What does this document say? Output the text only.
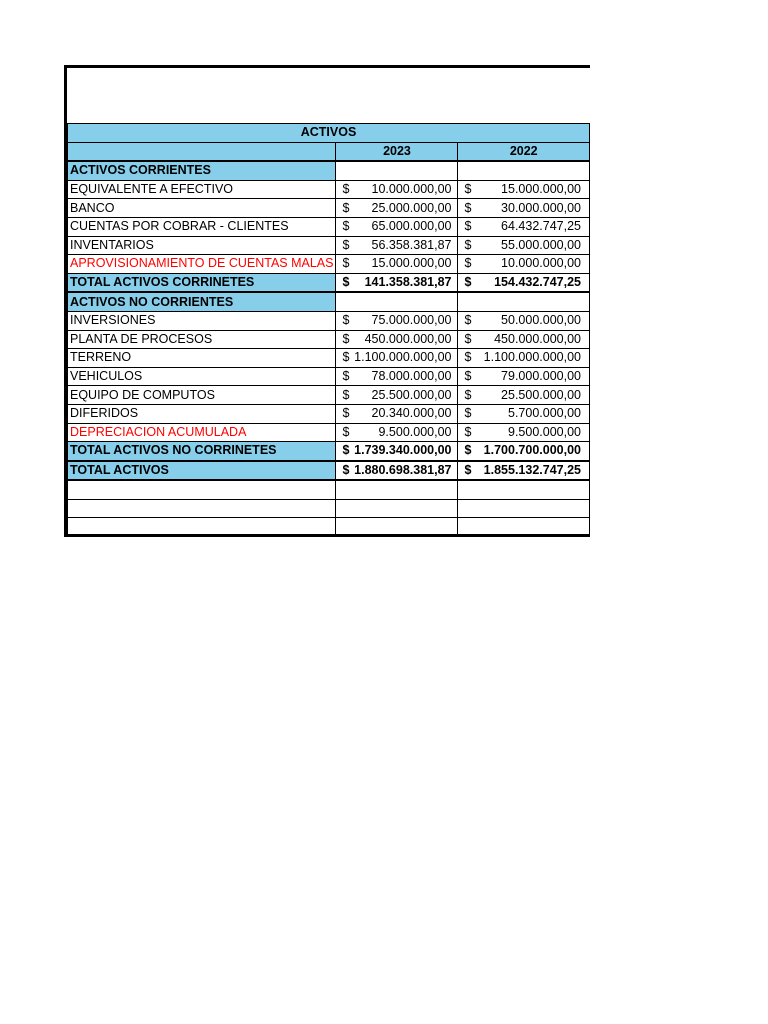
ACTIVOS		
	2023	2022

ACTIVOS CORRIENTES		

EQUIVALENTE A EFECTIVO	$ 10.000.000,00	$ 15.000.000,00

BANCO	$ 25.000.000,00	$ 30.000.000,00

CUENTAS POR COBRAR - CLIENTES	$ 65.000.000,00	$ 64.432.747,25

INVENTARIOS	$ 56.358.381,87	$ 55.000.000,00

APROVISIONAMIENTO DE CUENTAS MALAS	$ 15.000.000,00	$ 10.000.000,00

TOTAL ACTIVOS CORRINETES	$ 141.358.381,87	$ 154.432.747,25

ACTIVOS NO CORRIENTES		

INVERSIONES	$ 75.000.000,00	$ 50.000.000,00

PLANTA DE PROCESOS	$ 450.000.000,00	$ 450.000.000,00

TERRENO	$ 1.100.000.000,00	$ 1.100.000.000,00

VEHICULOS	$ 78.000.000,00	$ 79.000.000,00

EQUIPO DE COMPUTOS	$ 25.500.000,00	$ 25.500.000,00

DIFERIDOS	$ 20.340.000,00	$ 5.700.000,00

DEPRECIACION ACUMULADA	$ 9.500.000,00	$ 9.500.000,00

TOTAL ACTIVOS NO CORRINETES	$ 1.739.340.000,00	$ 1.700.700.000,00

TOTAL ACTIVOS	$ 1.880.698.381,87	$ 1.855.132.747,25
